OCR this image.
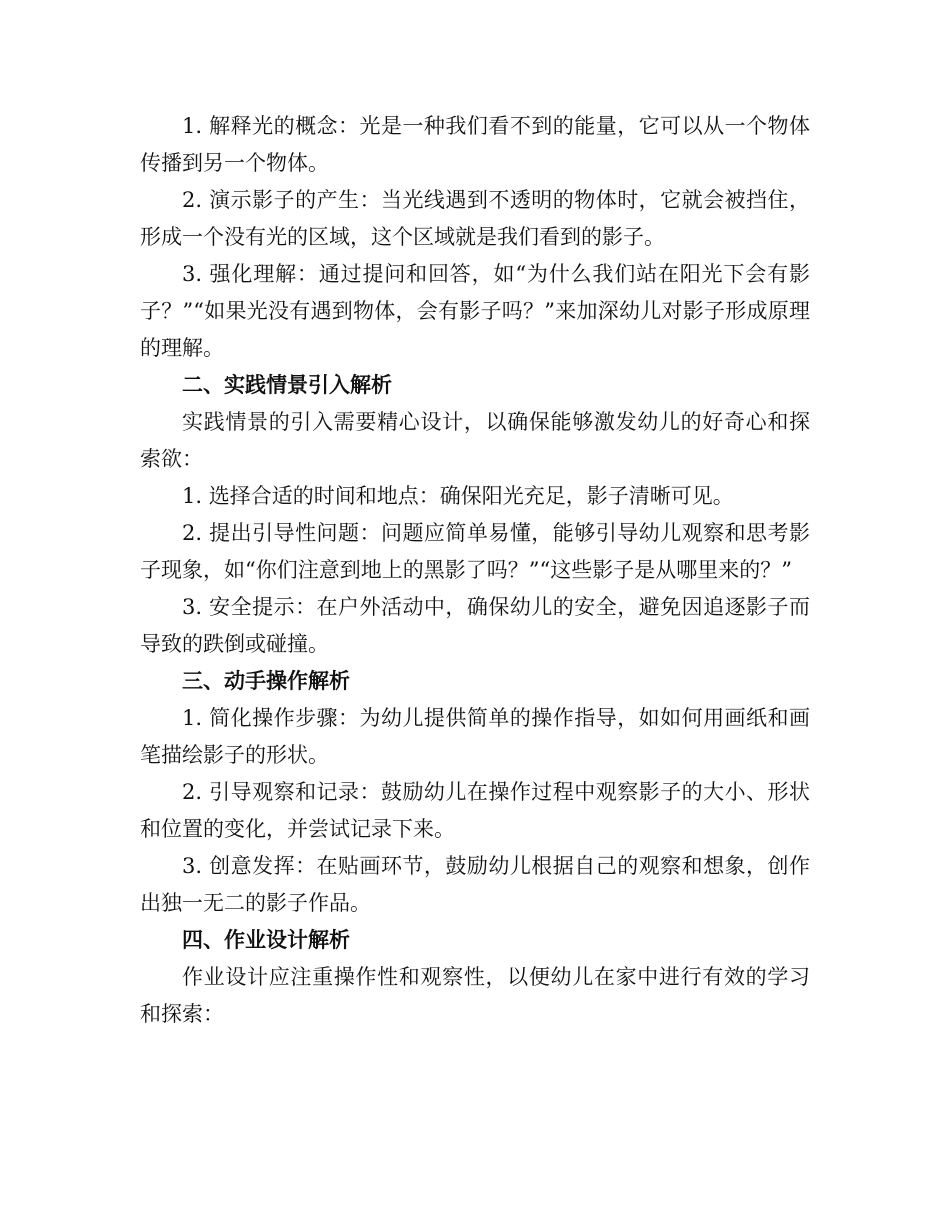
1. 解释光的概念：光是一种我们看不到的能量，它可以从一个物体传播到另一个物体。

2. 演示影子的产生：当光线遇到不透明的物体时，它就会被挡住，形成一个没有光的区域，这个区域就是我们看到的影子。

3. 强化理解：通过提问和回答，如“为什么我们站在阳光下会有影子？”“如果光没有遇到物体，会有影子吗？”来加深幼儿对影子形成原理的理解。

二、实践情景引入解析

实践情景的引入需要精心设计，以确保能够激发幼儿的好奇心和探索欲：

1. 选择合适的时间和地点：确保阳光充足，影子清晰可见。

2. 提出引导性问题：问题应简单易懂，能够引导幼儿观察和思考影子现象，如“你们注意到地上的黑影了吗？”“这些影子是从哪里来的？”

3. 安全提示：在户外活动中，确保幼儿的安全，避免因追逐影子而导致的跌倒或碰撞。

三、动手操作解析

1. 简化操作步骤：为幼儿提供简单的操作指导，如如何用画纸和画笔描绘影子的形状。

2. 引导观察和记录：鼓励幼儿在操作过程中观察影子的大小、形状和位置的变化，并尝试记录下来。

3. 创意发挥：在贴画环节，鼓励幼儿根据自己的观察和想象，创作出独一无二的影子作品。

四、作业设计解析

作业设计应注重操作性和观察性，以便幼儿在家中进行有效的学习和探索：
